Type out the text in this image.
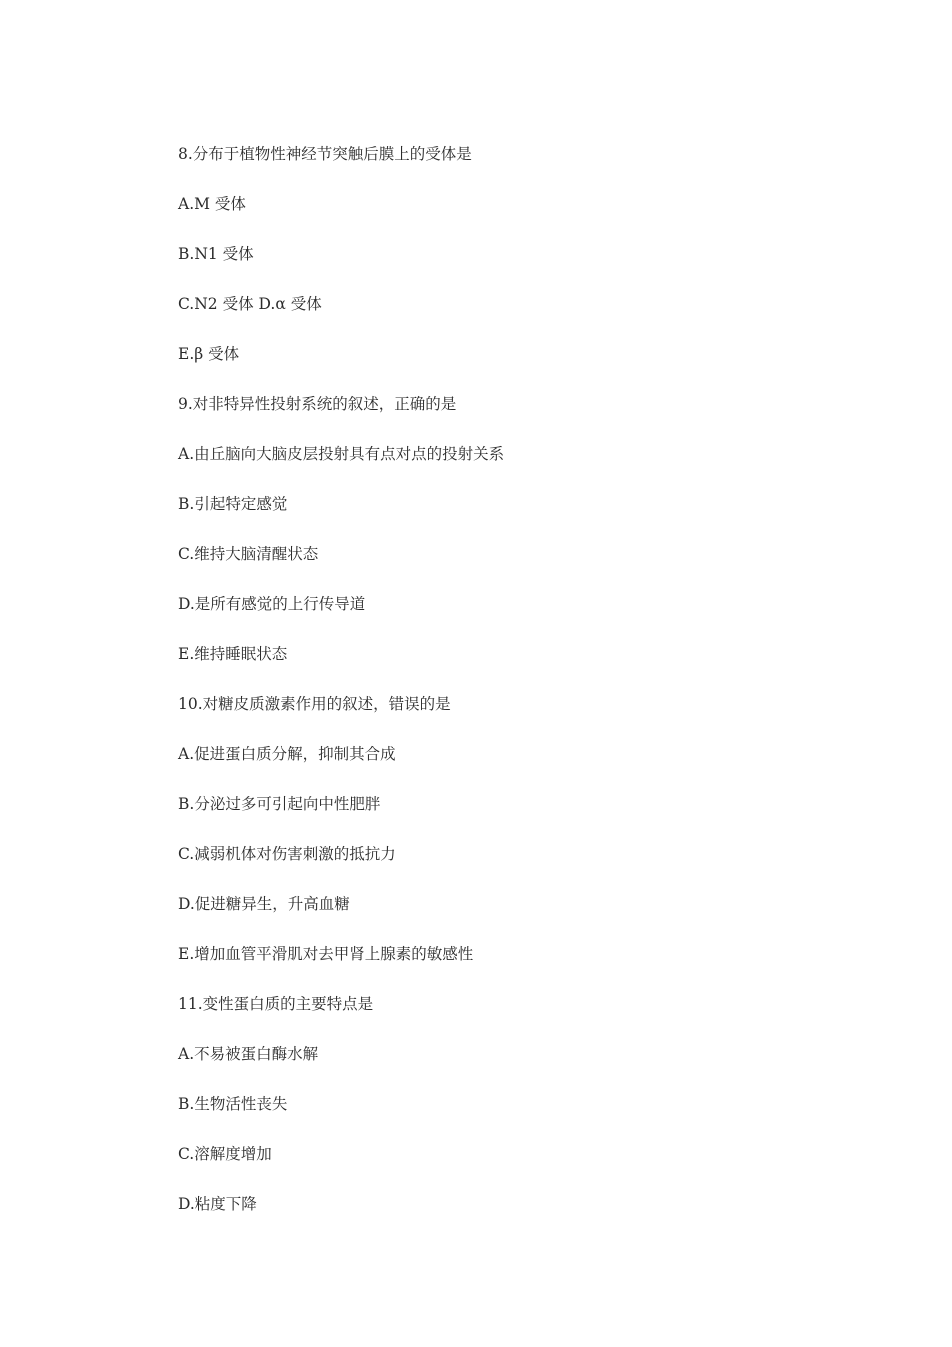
8.分布于植物性神经节突触后膜上的受体是
A.M 受体
B.N1 受体
C.N2 受体 D.α 受体
E.β 受体
9.对非特异性投射系统的叙述，正确的是
A.由丘脑向大脑皮层投射具有点对点的投射关系
B.引起特定感觉
C.维持大脑清醒状态
D.是所有感觉的上行传导道
E.维持睡眠状态
10.对糖皮质激素作用的叙述，错误的是
A.促进蛋白质分解，抑制其合成
B.分泌过多可引起向中性肥胖
C.减弱机体对伤害刺激的抵抗力
D.促进糖异生，升高血糖
E.增加血管平滑肌对去甲肾上腺素的敏感性
11.变性蛋白质的主要特点是
A.不易被蛋白酶水解
B.生物活性丧失
C.溶解度增加
D.粘度下降
